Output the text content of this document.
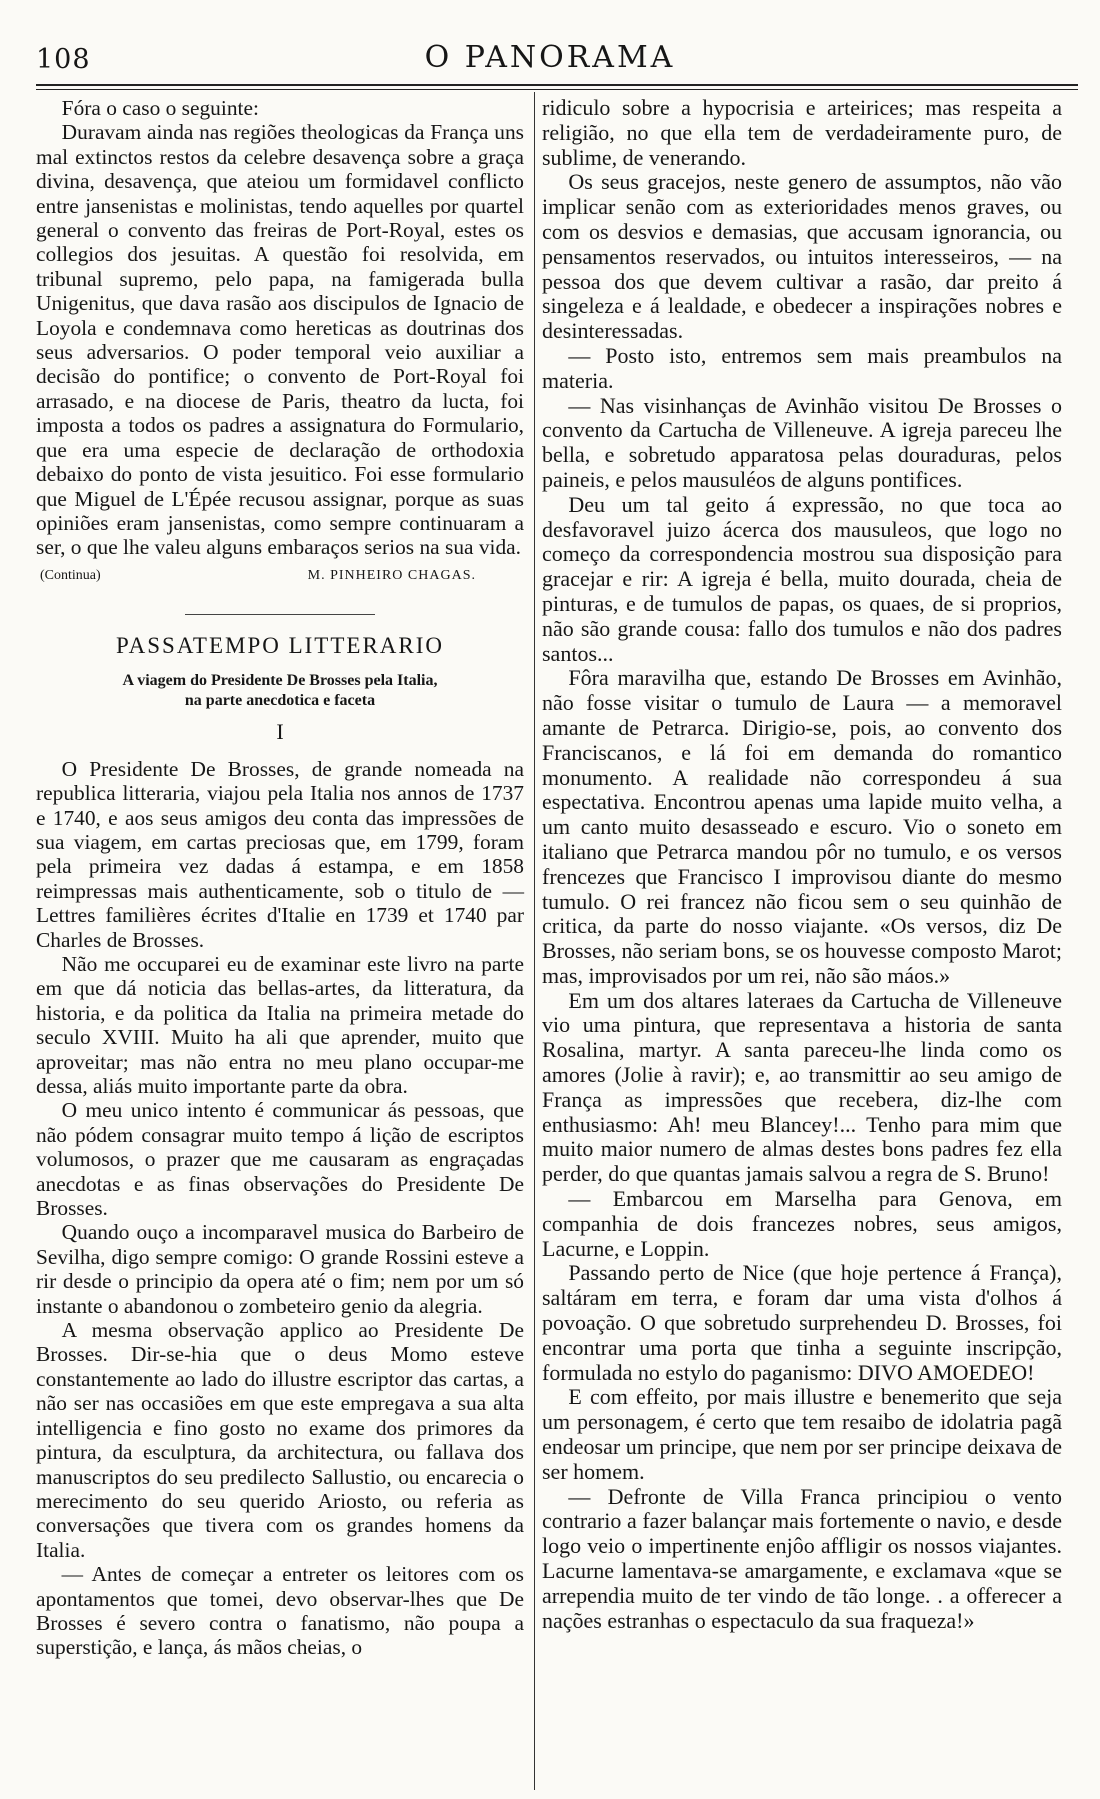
108	O PANORAMA

Fóra o caso o seguinte:

Duravam ainda nas regiões theologicas da França uns mal extinctos restos da celebre desavença sobre a graça divina, desavença, que ateiou um formidavel conflicto entre jansenistas e molinistas, tendo aquelles por quartel general o convento das freiras de Port-Royal, estes os collegios dos jesuitas. A questão foi resolvida, em tribunal supremo, pelo papa, na famigerada bulla Unigenitus, que dava rasão aos discipulos de Ignacio de Loyola e condemnava como hereticas as doutrinas dos seus adversarios. O poder temporal veio auxiliar a decisão do pontifice; o convento de Port-Royal foi arrasado, e na diocese de Paris, theatro da lucta, foi imposta a todos os padres a assignatura do Formulario, que era uma especie de declaração de orthodoxia debaixo do ponto de vista jesuitico. Foi esse formulario que Miguel de L'Épée recusou assignar, porque as suas opiniões eram jansenistas, como sempre continuaram a ser, o que lhe valeu alguns embaraços serios na sua vida.

(Continua)	M. PINHEIRO CHAGAS.
PASSATEMPO LITTERARIO
A viagem do Presidente De Brosses pela Italia,
na parte anecdotica e faceta
I

O Presidente De Brosses, de grande nomeada na republica litteraria, viajou pela Italia nos annos de 1737 e 1740, e aos seus amigos deu conta das impressões de sua viagem, em cartas preciosas que, em 1799, foram pela primeira vez dadas á estampa, e em 1858 reimpressas mais authenticamente, sob o titulo de — Lettres familières écrites d'Italie en 1739 et 1740 par Charles de Brosses.

Não me occuparei eu de examinar este livro na parte em que dá noticia das bellas-artes, da litteratura, da historia, e da politica da Italia na primeira metade do seculo XVIII. Muito ha ali que aprender, muito que aproveitar; mas não entra no meu plano occupar-me dessa, aliás muito importante parte da obra.

O meu unico intento é communicar ás pessoas, que não pódem consagrar muito tempo á lição de escriptos volumosos, o prazer que me causaram as engraçadas anecdotas e as finas observações do Presidente De Brosses.

Quando ouço a incomparavel musica do Barbeiro de Sevilha, digo sempre comigo: O grande Rossini esteve a rir desde o principio da opera até o fim; nem por um só instante o abandonou o zombeteiro genio da alegria.

A mesma observação applico ao Presidente De Brosses. Dir-se-hia que o deus Momo esteve constantemente ao lado do illustre escriptor das cartas, a não ser nas occasiões em que este empregava a sua alta intelligencia e fino gosto no exame dos primores da pintura, da esculptura, da architectura, ou fallava dos manuscriptos do seu predilecto Sallustio, ou encarecia o merecimento do seu querido Ariosto, ou referia as conversações que tivera com os grandes homens da Italia.

— Antes de começar a entreter os leitores com os apontamentos que tomei, devo observar-lhes que De Brosses é severo contra o fanatismo, não poupa a superstição, e lança, ás mãos cheias, o

ridiculo sobre a hypocrisia e arteirices; mas respeita a religião, no que ella tem de verdadeiramente puro, de sublime, de venerando.

Os seus gracejos, neste genero de assumptos, não vão implicar senão com as exterioridades menos graves, ou com os desvios e demasias, que accusam ignorancia, ou pensamentos reservados, ou intuitos interesseiros, — na pessoa dos que devem cultivar a rasão, dar preito á singeleza e á lealdade, e obedecer a inspirações nobres e desinteressadas.

— Posto isto, entremos sem mais preambulos na materia.

— Nas visinhanças de Avinhão visitou De Brosses o convento da Cartucha de Villeneuve. A igreja pareceu lhe bella, e sobretudo apparatosa pelas douraduras, pelos paineis, e pelos mausuléos de alguns pontifices.

Deu um tal geito á expressão, no que toca ao desfavoravel juizo ácerca dos mausuleos, que logo no começo da correspondencia mostrou sua disposição para gracejar e rir: A igreja é bella, muito dourada, cheia de pinturas, e de tumulos de papas, os quaes, de si proprios, não são grande cousa: fallo dos tumulos e não dos padres santos...

Fôra maravilha que, estando De Brosses em Avinhão, não fosse visitar o tumulo de Laura — a memoravel amante de Petrarca. Dirigio-se, pois, ao convento dos Franciscanos, e lá foi em demanda do romantico monumento. A realidade não correspondeu á sua espectativa. Encontrou apenas uma lapide muito velha, a um canto muito desasseado e escuro. Vio o soneto em italiano que Petrarca mandou pôr no tumulo, e os versos frencezes que Francisco I improvisou diante do mesmo tumulo. O rei francez não ficou sem o seu quinhão de critica, da parte do nosso viajante. «Os versos, diz De Brosses, não seriam bons, se os houvesse composto Marot; mas, improvisados por um rei, não são máos.»

Em um dos altares lateraes da Cartucha de Villeneuve vio uma pintura, que representava a historia de santa Rosalina, martyr. A santa pareceu-lhe linda como os amores (Jolie à ravir); e, ao transmittir ao seu amigo de França as impressões que recebera, diz-lhe com enthusiasmo: Ah! meu Blancey!... Tenho para mim que muito maior numero de almas destes bons padres fez ella perder, do que quantas jamais salvou a regra de S. Bruno!

— Embarcou em Marselha para Genova, em companhia de dois francezes nobres, seus amigos, Lacurne, e Loppin.

Passando perto de Nice (que hoje pertence á França), saltáram em terra, e foram dar uma vista d'olhos á povoação. O que sobretudo surprehendeu D. Brosses, foi encontrar uma porta que tinha a seguinte inscripção, formulada no estylo do paganismo: DIVO AMOEDEO!

E com effeito, por mais illustre e benemerito que seja um personagem, é certo que tem resaibo de idolatria pagã endeosar um principe, que nem por ser principe deixava de ser homem.

— Defronte de Villa Franca principiou o vento contrario a fazer balançar mais fortemente o navio, e desde logo veio o impertinente enjôo affligir os nossos viajantes. Lacurne lamentava-se amargamente, e exclamava «que se arrependia muito de ter vindo de tão longe. . a offerecer a nações estranhas o espectaculo da sua fraqueza!»
